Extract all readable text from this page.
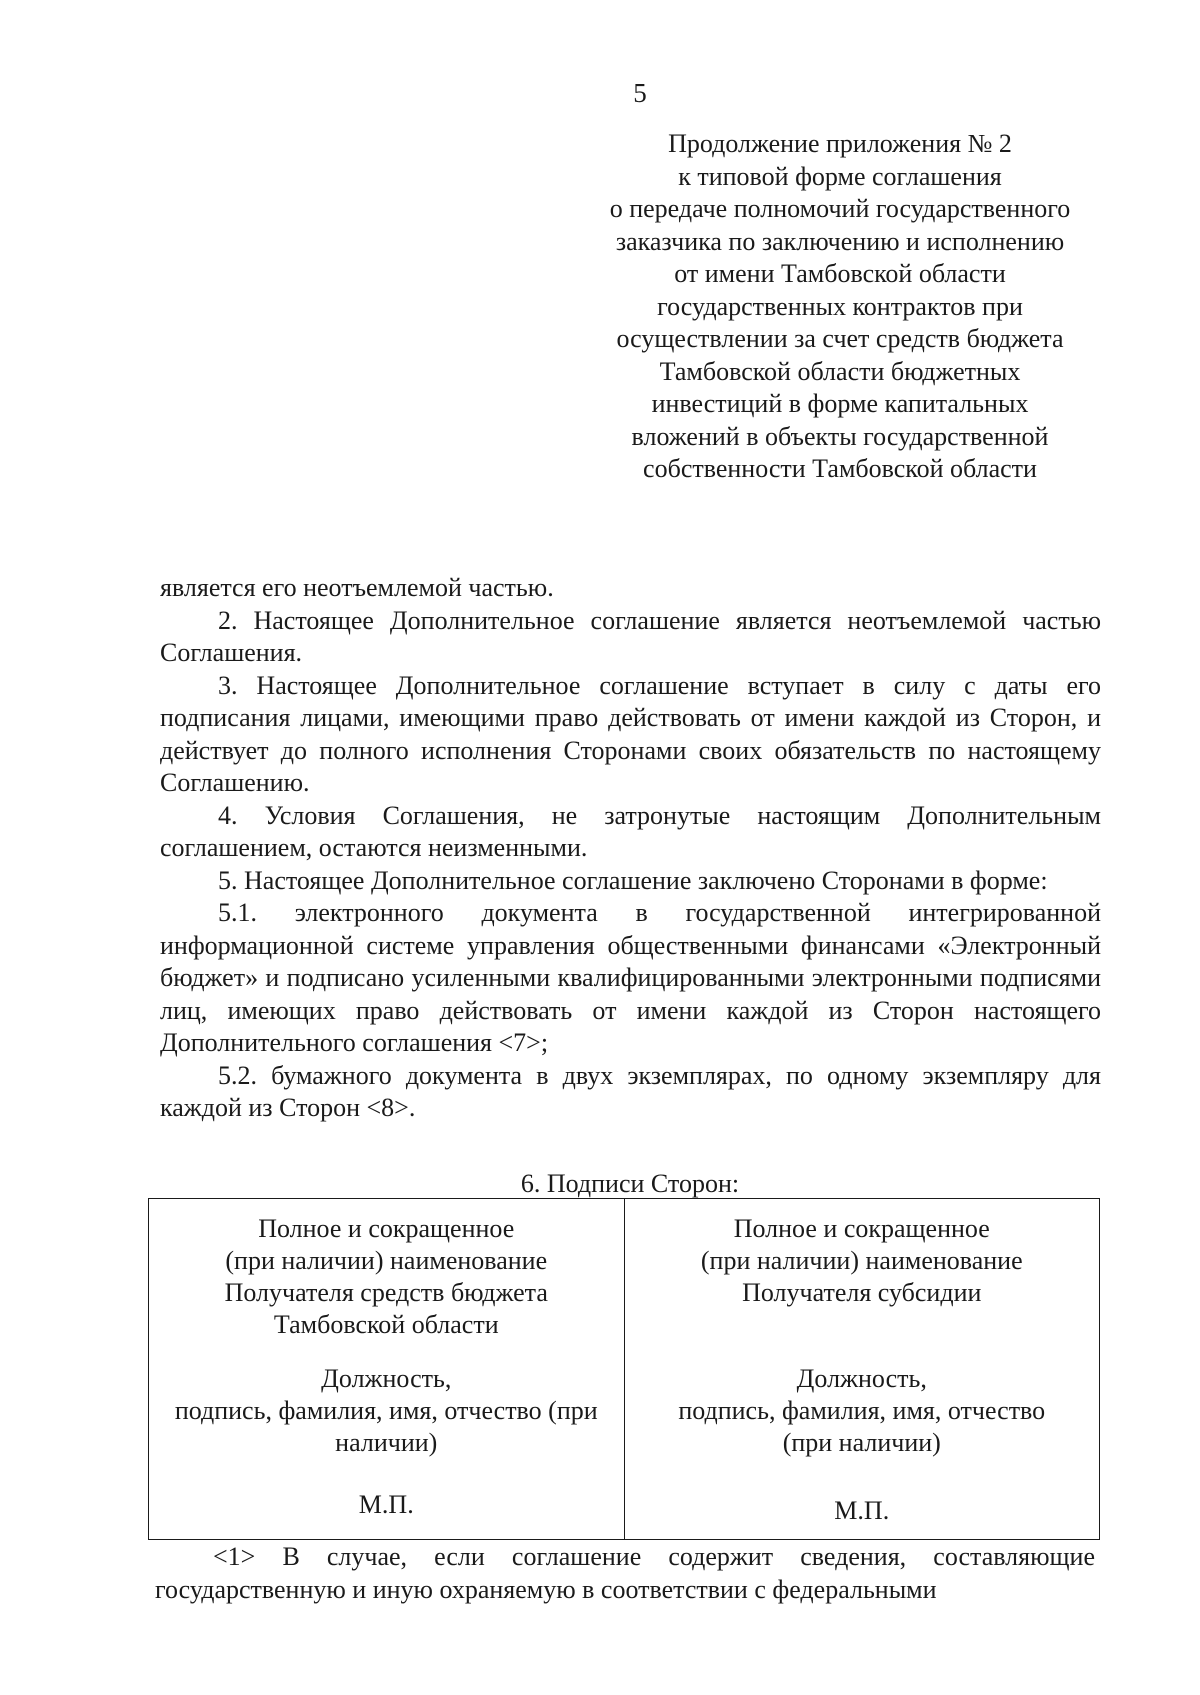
5
Продолжение приложения № 2
к типовой форме соглашения
о передаче полномочий государственного
заказчика по заключению и исполнению
от имени Тамбовской области
государственных контрактов при
осуществлении за счет средств бюджета
Тамбовской области бюджетных
инвестиций в форме капитальных
вложений в объекты государственной
собственности Тамбовской области

является его неотъемлемой частью.

2. Настоящее Дополнительное соглашение является неотъемлемой частью Соглашения.

3. Настоящее Дополнительное соглашение вступает в силу с даты его подписания лицами, имеющими право действовать от имени каждой из Сторон, и действует до полного исполнения Сторонами своих обязательств по настоящему Соглашению.

4. Условия Соглашения, не затронутые настоящим Дополнительным соглашением, остаются неизменными.

5. Настоящее Дополнительное соглашение заключено Сторонами в форме:

5.1. электронного документа в государственной интегрированной информационной системе управления общественными финансами «Электронный бюджет» и подписано усиленными квалифицированными электронными подписями лиц, имеющих право действовать от имени каждой из Сторон настоящего Дополнительного соглашения <7>;

5.2. бумажного документа в двух экземплярах, по одному экземпляру для каждой из Сторон <8>.

6. Подписи Сторон:
Полное и сокращенное
(при наличии) наименование
Получателя средств бюджета
Тамбовской области
Должность,
подпись, фамилия, имя, отчество (при
наличии)
М.П.

Полное и сокращенное
(при наличии) наименование
Получателя субсидии
Должность,
подпись, фамилия, имя, отчество
(при наличии)
М.П.

<1> В случае, если соглашение содержит сведения, составляющие государственную и иную охраняемую в соответствии с федеральными
